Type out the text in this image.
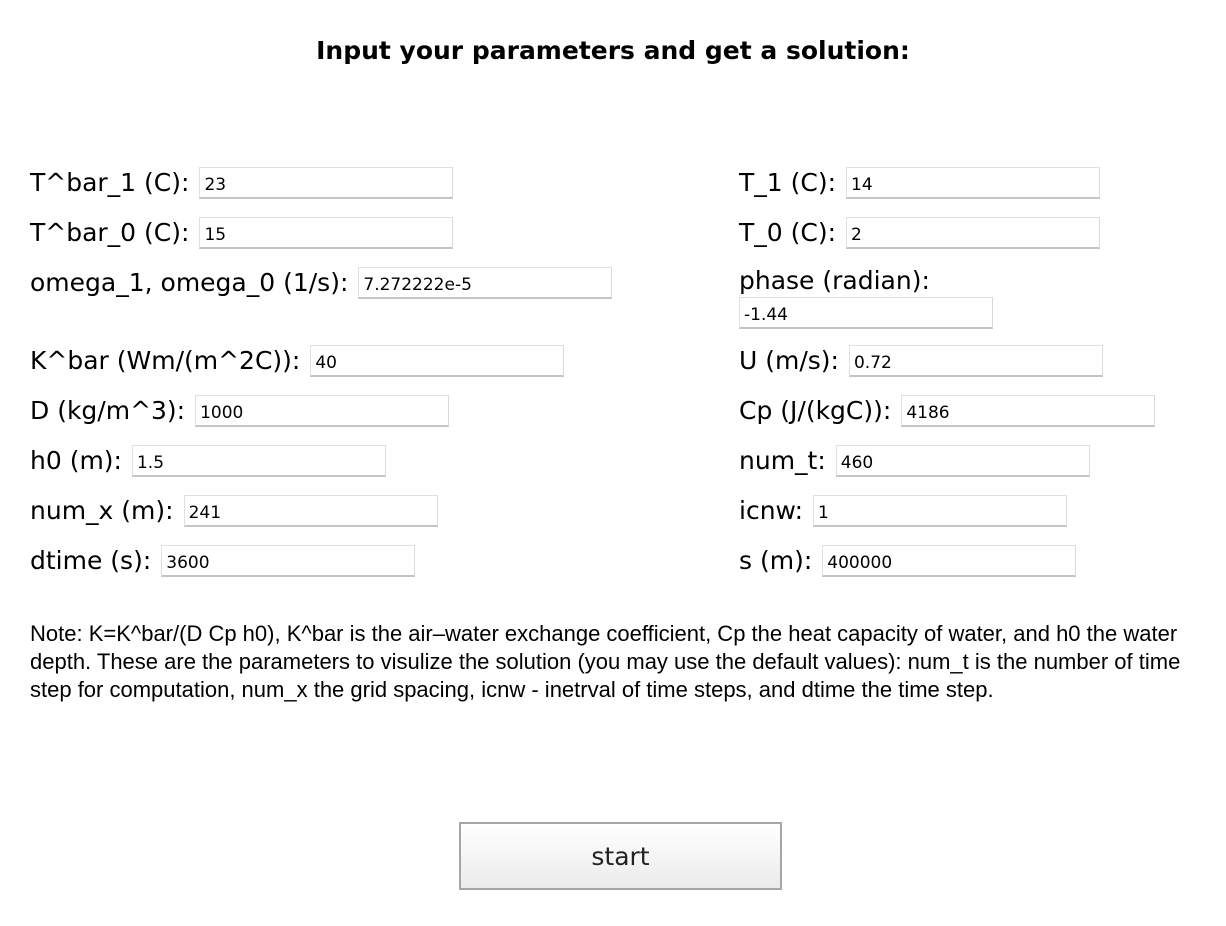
Input your parameters and get a solution:
T^bar_1 (C):23
T^bar_0 (C):15
omega_1, omega_0 (1/s):7.272222e-5
K^bar (Wm/(m^2C)):40
D (kg/m^3):1000
h0 (m):1.5
num_x (m):241
dtime (s):3600
T_1 (C):14
T_0 (C):2
phase (radian):
-1.44
U (m/s):0.72
Cp (J/(kgC)):4186
num_t:460
icnw:1
s (m):400000
Note: K=K^bar/(D Cp h0), K^bar is the air–water exchange coefficient, Cp the heat capacity of water, and h0 the water depth. These are the parameters to visulize the solution (you may use the default values): num_t is the number of time step for computation, num_x the grid spacing, icnw - inetrval of time steps, and dtime the time step.
start
